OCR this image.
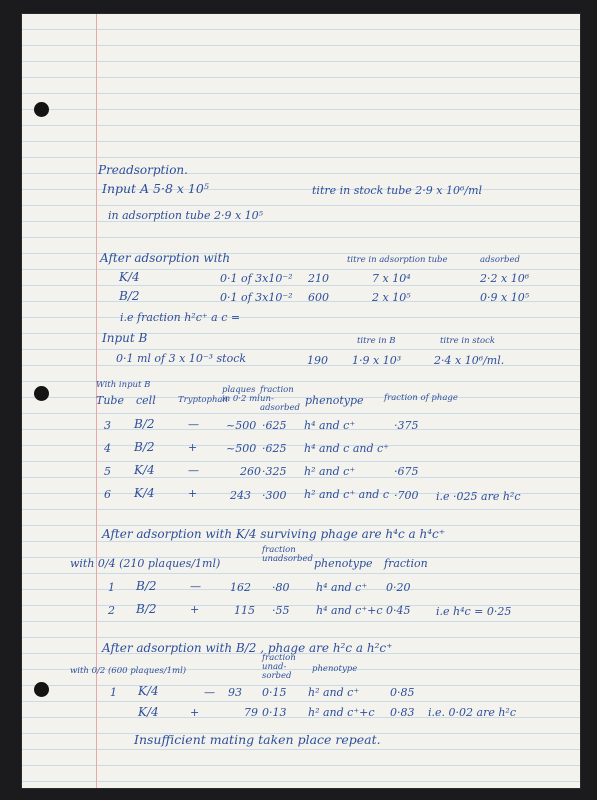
Preadsorption.
Input A 5·8 x 10⁵	titre in stock tube 2·9 x 10⁶/ml
in adsorption tube 2·9 x 10⁵
After adsorption with	titre in adsorption tube	adsorbed
K/4	0·1 of 3x10⁻² 210	7 x 10⁴	2·2 x 10⁶
B/2	0·1 of 3x10⁻² 600	2 x 10⁵	0·9 x 10⁵
i.e fraction h²c⁺ a c =
Input B	titre in B	titre in stock
0·1 ml of 3 x 10⁻³ stock	190 1·9 x 10³	2·4 x 10⁶/ml.
With input B
Tube cell	Tryptophan
plaques in 0·2 ml
fraction un-adsorbed
phenotype fraction of phage
3 B/2	— ~500 ·625 h⁴ and c⁺	·375
4 B/2	+	~500 ·625 h⁴ and c and c⁺
5 K/4	—	260 ·325 h² and c⁺	·675
6 K/4	+	243 ·300 h² and c⁺ and c ·700 i.e ·025 are h²c
After adsorption with K/4 surviving phage are h⁴c a h⁴c⁺
with 0/4 (210 plaques/1ml)
fraction unadsorbed phenotype fraction
1 B/2	—	162 ·80 h⁴ and c⁺ 0·20
2 B/2	+	115 ·55 h⁴ and c⁺+c 0·45 i.e h⁴c = 0·25
After adsorption with B/2 , phage are h²c a h²c⁺
with 0/2 (600 plaques/1ml)
fraction unad-sorbed
phenotype
1 K/4	— 93 0·15 h² and c⁺	0·85
K/4	+	79 0·13 h² and c⁺+c 0·83 i.e. 0·02 are h²c
Insufficient mating taken place repeat.
